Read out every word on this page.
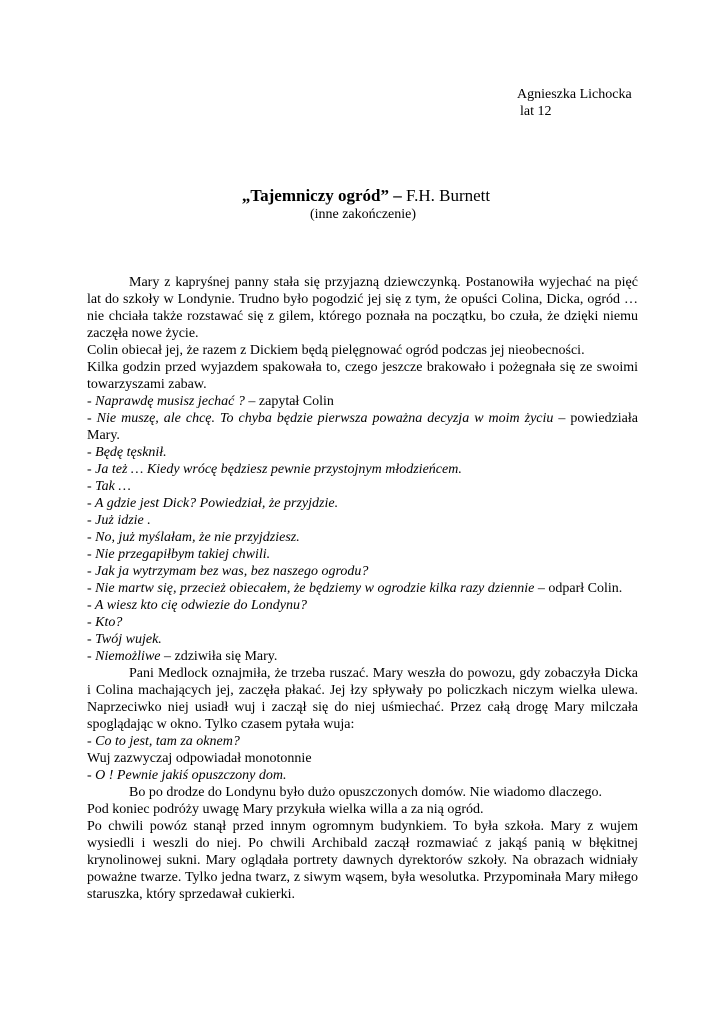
Agnieszka Lichocka
lat 12
„Tajemniczy ogród” – F.H. Burnett
(inne zakończenie)

Mary z kapryśnej panny stała się przyjazną dziewczynką. Postanowiła wyjechać na pięć lat do szkoły w Londynie. Trudno było pogodzić jej się z tym, że opuści Colina, Dicka, ogród … nie chciała także rozstawać się z gilem, którego poznała na początku, bo czuła, że dzięki niemu zaczęła nowe życie.

Colin obiecał jej, że razem z Dickiem będą pielęgnować ogród podczas jej nieobecności.

Kilka godzin przed wyjazdem spakowała to, czego jeszcze brakowało i pożegnała się ze swoimi towarzyszami zabaw.

- Naprawdę musisz jechać ? – zapytał Colin

- Nie muszę, ale chcę. To chyba będzie pierwsza poważna decyzja w moim życiu – powiedziała Mary.

- Będę tęsknił.

- Ja też … Kiedy wrócę będziesz pewnie przystojnym młodzieńcem.

- Tak …

- A gdzie jest Dick? Powiedział, że przyjdzie.

- Już idzie .

- No, już myślałam, że nie przyjdziesz.

- Nie przegapiłbym takiej chwili.

- Jak ja wytrzymam bez was, bez naszego ogrodu?

- Nie martw się, przecież obiecałem, że będziemy w ogrodzie kilka razy dziennie – odparł Colin.

- A wiesz kto cię odwiezie do Londynu?

- Kto?

- Twój wujek.

- Niemożliwe – zdziwiła się Mary.

Pani Medlock oznajmiła, że trzeba ruszać. Mary weszła do powozu, gdy zobaczyła Dicka i Colina machających jej, zaczęła płakać. Jej łzy spływały po policzkach niczym wielka ulewa. Naprzeciwko niej usiadł wuj i zaczął się do niej uśmiechać. Przez całą drogę Mary milczała spoglądając w okno. Tylko czasem pytała wuja:

- Co to jest, tam za oknem?

Wuj zazwyczaj odpowiadał monotonnie

- O ! Pewnie jakiś opuszczony dom.

Bo po drodze do Londynu było dużo opuszczonych domów. Nie wiadomo dlaczego.

Pod koniec podróży uwagę Mary przykuła wielka willa a za nią ogród.

Po chwili powóz stanął przed innym ogromnym budynkiem. To była szkoła. Mary z wujem wysiedli i weszli do niej. Po chwili Archibald zaczął rozmawiać z jakąś panią w błękitnej krynolinowej sukni. Mary oglądała portrety dawnych dyrektorów szkoły. Na obrazach widniały poważne twarze. Tylko jedna twarz, z siwym wąsem, była wesolutka. Przypominała Mary miłego staruszka, który sprzedawał cukierki.
